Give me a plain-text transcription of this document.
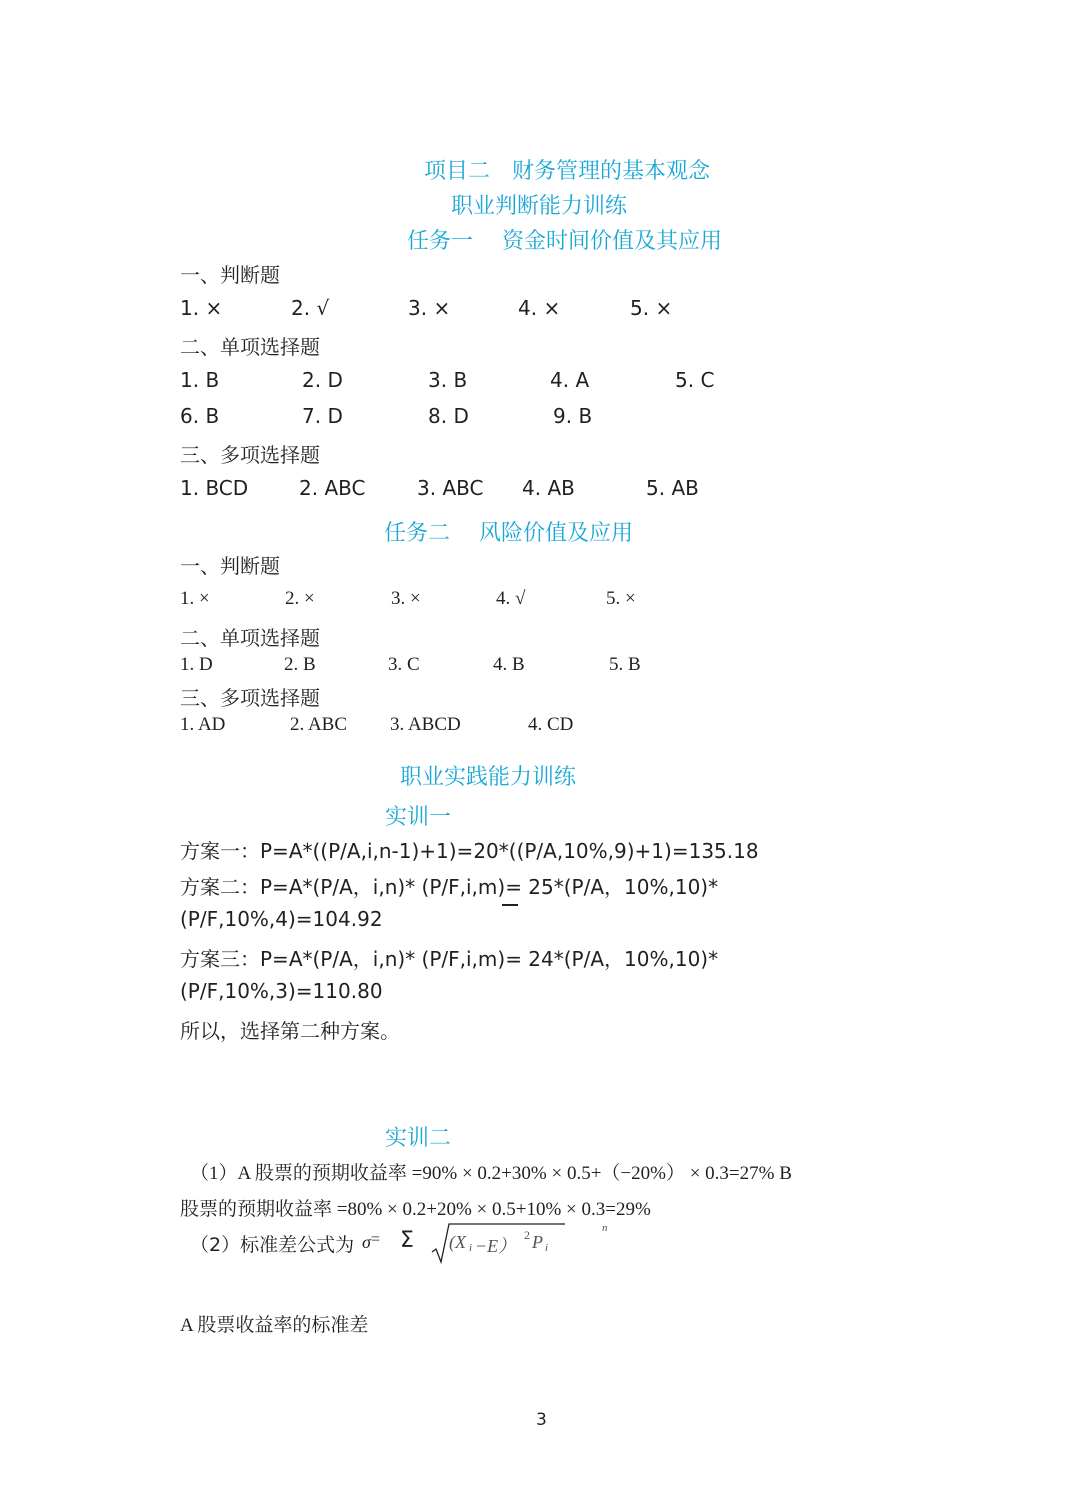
项目二　财务管理的基本观念
职业判断能力训练
任务一　 资金时间价值及其应用
一、判断题
1. ×	2. √	3. ×	4. ×	5. ×
二、单项选择题
1. B	2. D	3. B	4. A	5. C
6. B	7. D	8. D	9. B
三、多项选择题
1. BCD	2. ABC	3. ABC 4. AB	5. AB
任务二　 风险价值及应用
一、判断题
1. ×	2. ×	3. ×	4. √	5. ×
二、单项选择题
1. D	2. B	3. C	4. B	5. B
三、多项选择题
1. AD	2. ABC 3. ABCD	4. CD
职业实践能力训练
实训一
方案一：P=A*((P/A,i,n-1)+1)=20*((P/A,10%,9)+1)=135.18
方案二：P=A*(P/A，i,n)* (P/F,i,m)= 25*(P/A，10%,10)*
(P/F,10%,4)=104.92
方案三：P=A*(P/A，i,n)* (P/F,i,m)= 24*(P/A，10%,10)*
(P/F,10%,3)=110.80
所以，选择第二种方案。
实训二
（1）A 股票的预期收益率 =90% × 0.2+30% × 0.5+（−20%） × 0.3=27% B
股票的预期收益率 =80% × 0.2+20% × 0.5+10% × 0.3=29%
（2）标准差公式为 σ = Σ (X i −E）
2 P i
n
A 股票收益率的标准差
3
